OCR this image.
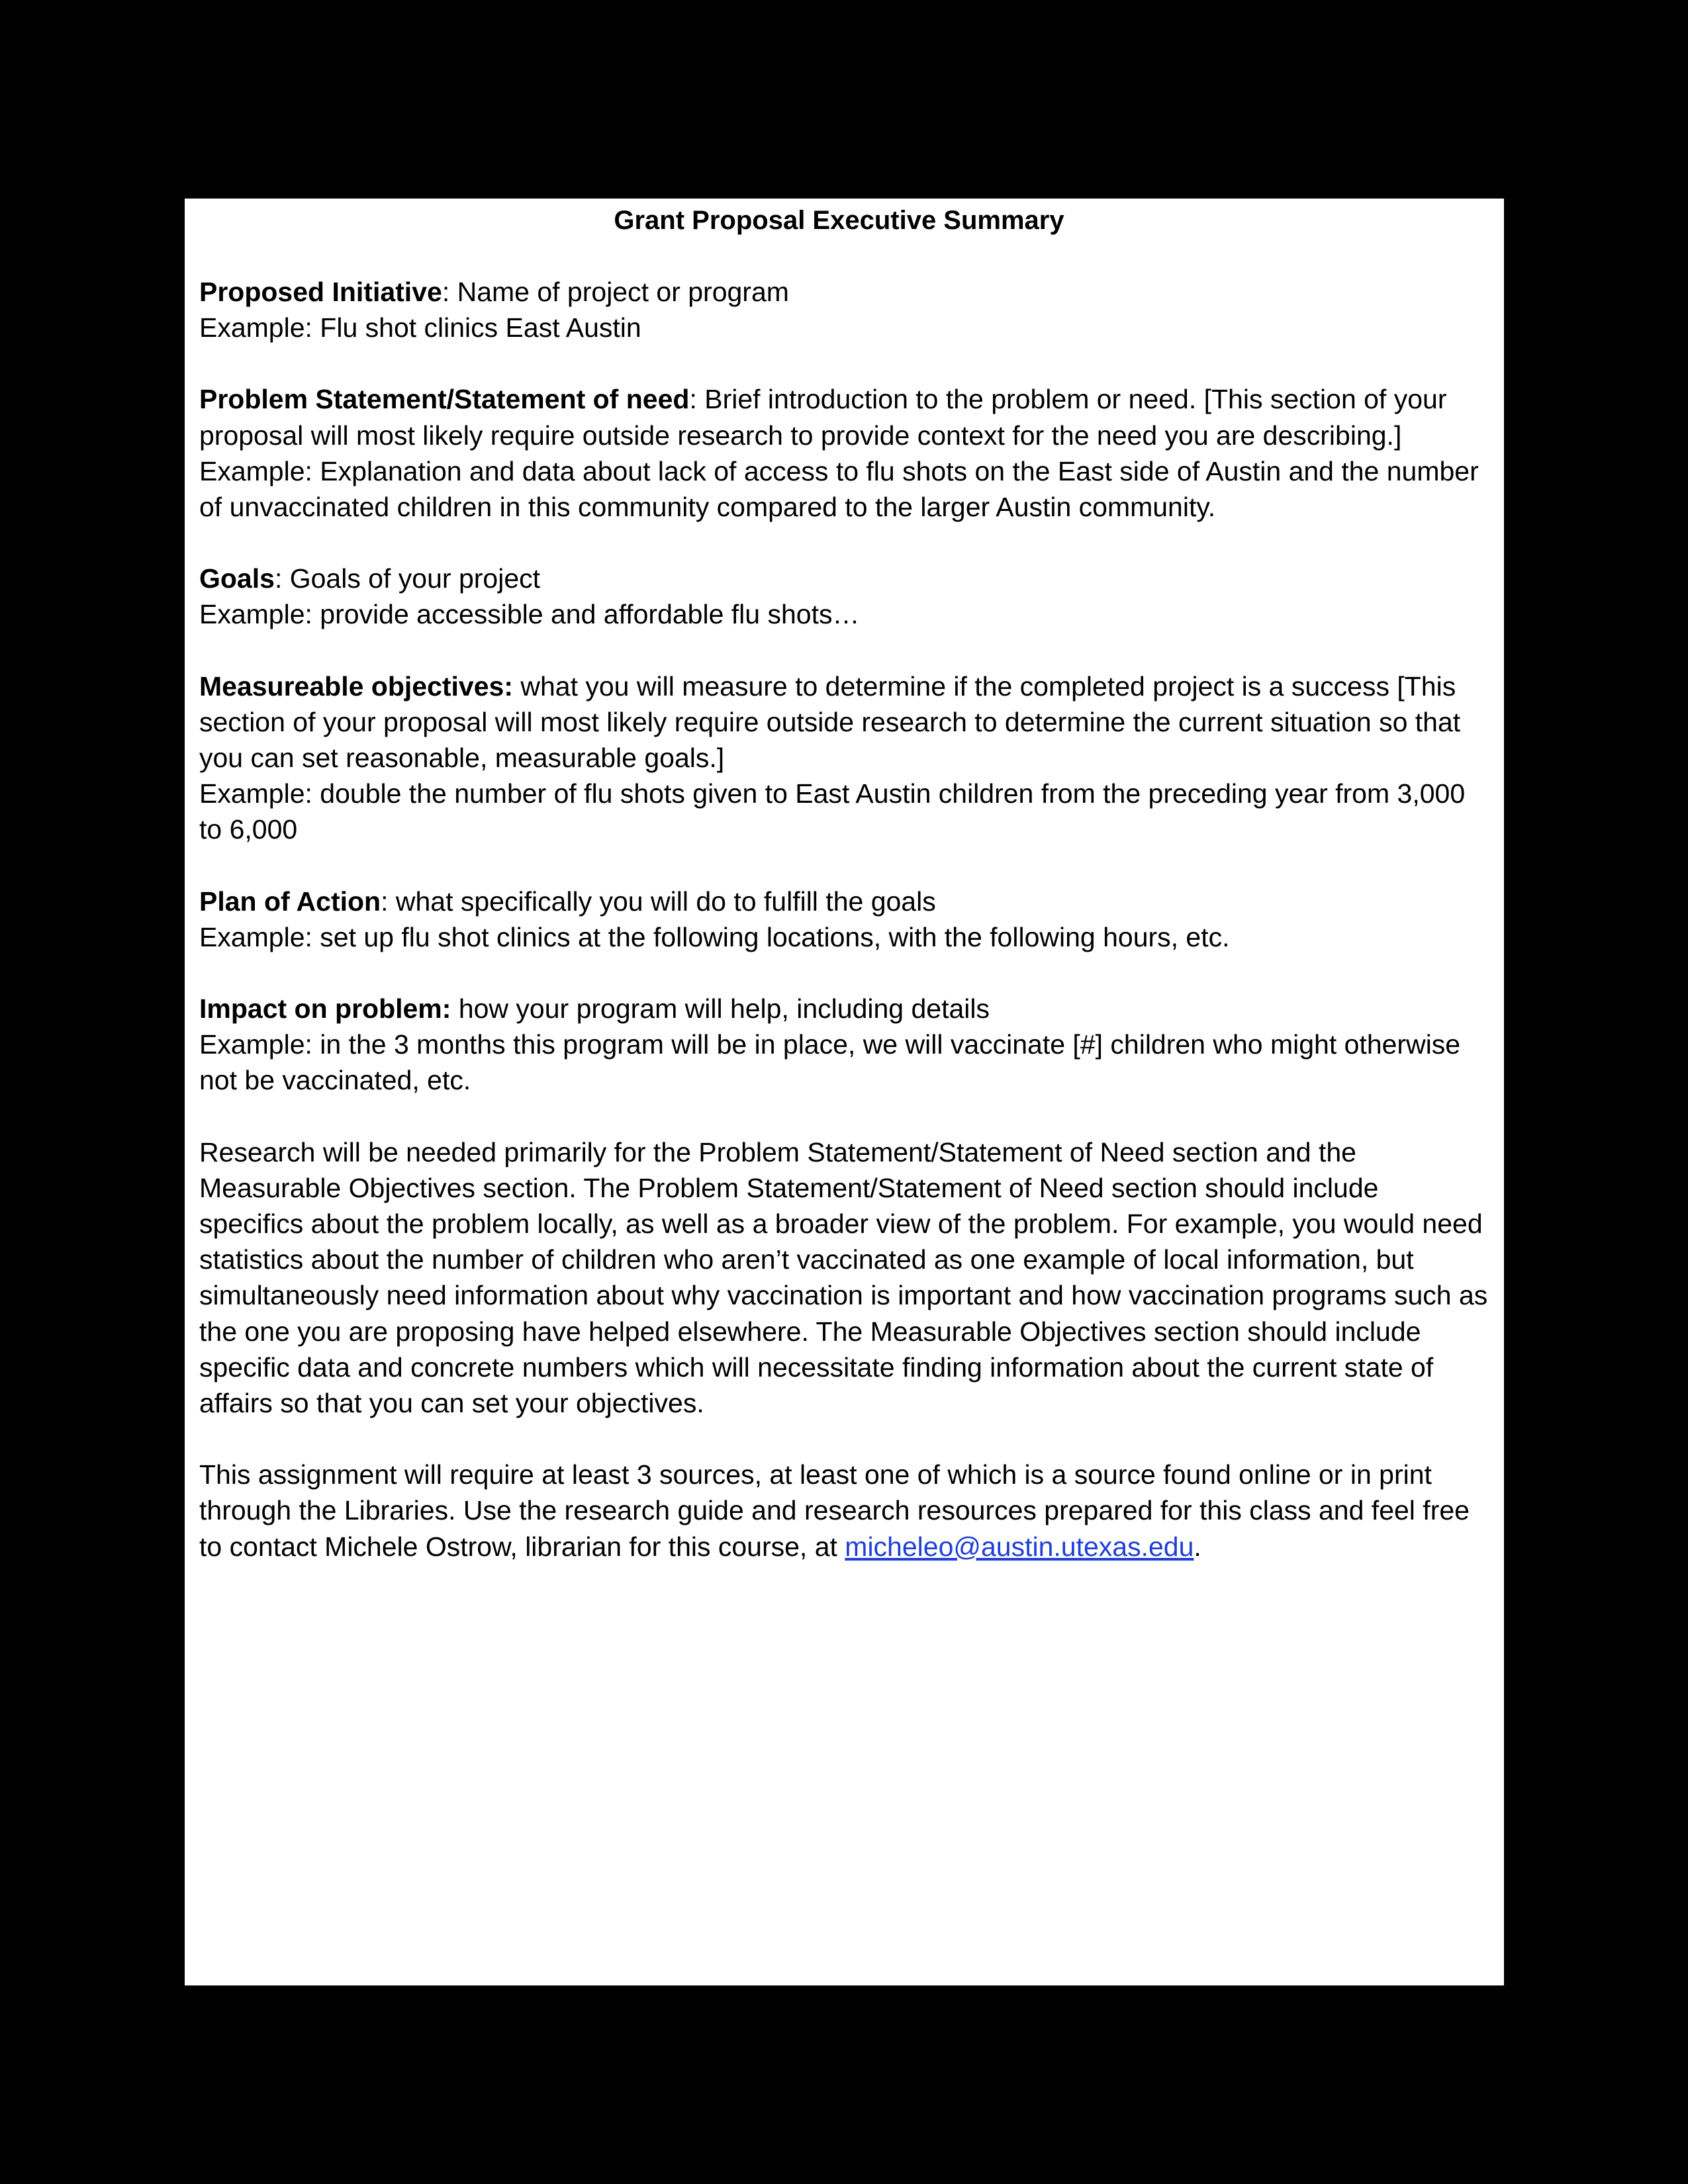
Grant Proposal Executive Summary

Proposed Initiative: Name of project or program
Example: Flu shot clinics East Austin

Problem Statement/Statement of need: Brief introduction to the problem or need. [This section of your proposal will most likely require outside research to provide context for the need you are describing.]
Example: Explanation and data about lack of access to flu shots on the East side of Austin and the number of unvaccinated children in this community compared to the larger Austin community.

Goals: Goals of your project
Example: provide accessible and affordable flu shots…

Measureable objectives: what you will measure to determine if the completed project is a success [This section of your proposal will most likely require outside research to determine the current situation so that you can set reasonable, measurable goals.]
Example: double the number of flu shots given to East Austin children from the preceding year from 3,000 to 6,000

Plan of Action: what specifically you will do to fulfill the goals
Example: set up flu shot clinics at the following locations, with the following hours, etc.

Impact on problem: how your program will help, including details
Example: in the 3 months this program will be in place, we will vaccinate [#] children who might otherwise not be vaccinated, etc.

Research will be needed primarily for the Problem Statement/Statement of Need section and the Measurable Objectives section. The Problem Statement/Statement of Need section should include specifics about the problem locally, as well as a broader view of the problem. For example, you would need statistics about the number of children who aren’t vaccinated as one example of local information, but simultaneously need information about why vaccination is important and how vaccination programs such as the one you are proposing have helped elsewhere. The Measurable Objectives section should include specific data and concrete numbers which will necessitate finding information about the current state of affairs so that you can set your objectives.

This assignment will require at least 3 sources, at least one of which is a source found online or in print through the Libraries. Use the research guide and research resources prepared for this class and feel free to contact Michele Ostrow, librarian for this course, at micheleo@austin.utexas.edu.
